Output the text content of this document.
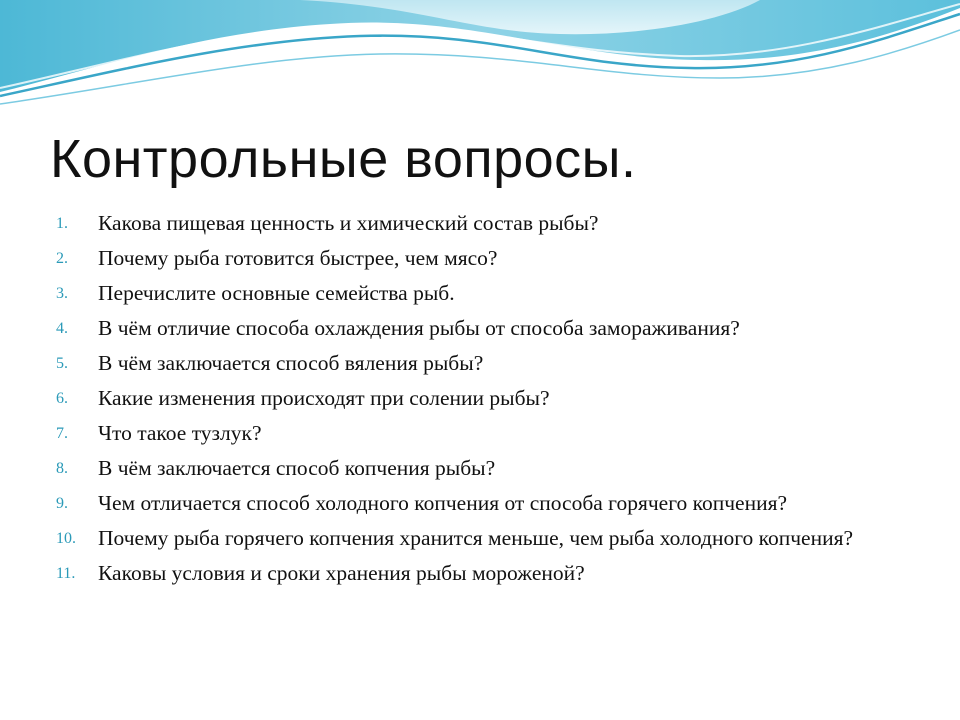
Контрольные вопросы.
1. Какова пищевая ценность и химический состав рыбы?
2. Почему рыба готовится быстрее, чем мясо?
3. Перечислите основные семейства рыб.
4. В чём отличие способа охлаждения рыбы от способа замораживания?
5. В чём заключается способ вяления рыбы?
6. Какие изменения происходят при солении рыбы?
7. Что такое тузлук?
8. В чём заключается способ копчения рыбы?
9. Чем отличается способ холодного копчения от способа горячего копчения?
10. Почему рыба горячего копчения хранится меньше, чем рыба холодного копчения?
11. Каковы условия и сроки хранения рыбы мороженой?
